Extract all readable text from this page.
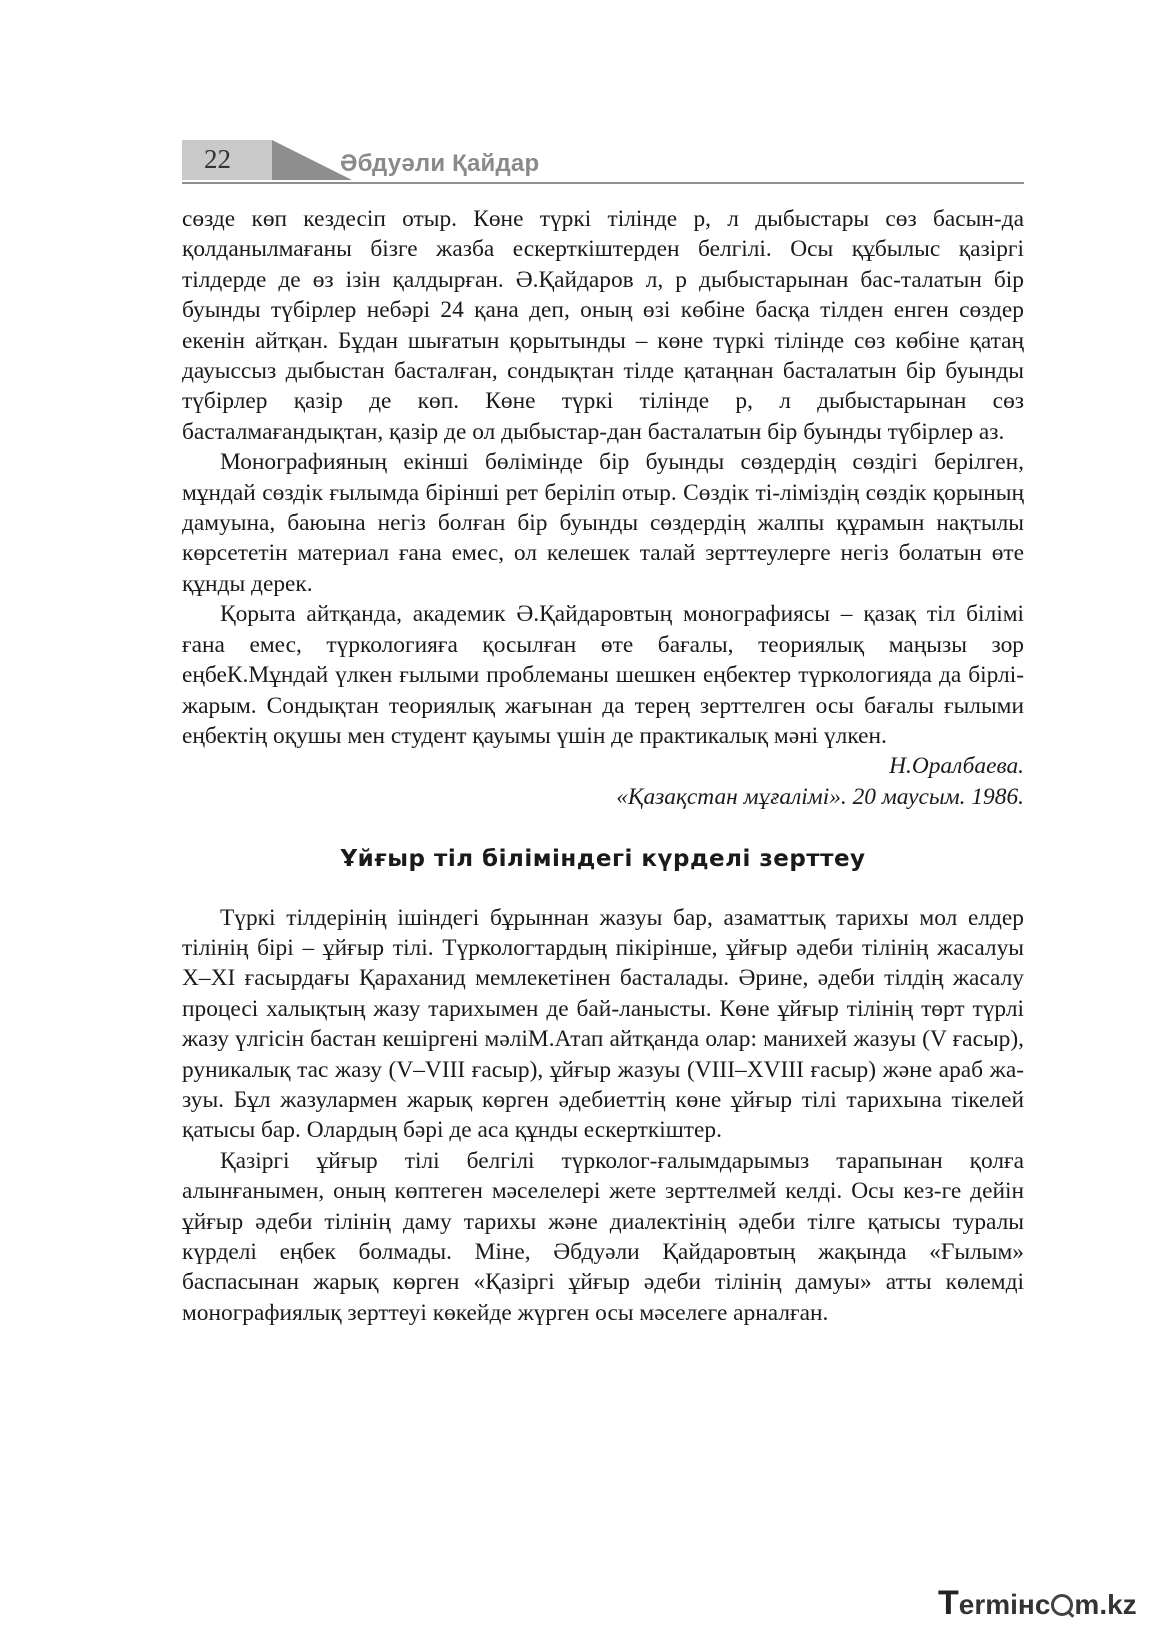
22	Әбдуәли Қайдар

сөзде көп кездесіп отыр. Көне түркі тілінде р, л дыбыстары сөз басын-да қолданылмағаны бізге жазба ескерткіштерден белгілі. Осы құбылыс қазіргі тілдерде де өз ізін қалдырған. Ә.Қайдаров л, р дыбыстарынан бас-талатын бір буынды түбірлер небәрі 24 қана деп, оның өзі көбіне басқа тілден енген сөздер екенін айтқан. Бұдан шығатын қорытынды – көне түркі тілінде сөз көбіне қатаң дауыссыз дыбыстан басталған, сондықтан тілде қатаңнан басталатын бір буынды түбірлер қазір де көп. Көне түркі тілінде р, л дыбыстарынан сөз басталмағандықтан, қазір де ол дыбыстар-дан басталатын бір буынды түбірлер аз.

Монографияның екінші бөлімінде бір буынды сөздердің сөздігі берілген, мұндай сөздік ғылымда бірінші рет беріліп отыр. Сөздік ті-ліміздің сөздік қорының дамуына, баюына негіз болған бір буынды сөздердің жалпы құрамын нақтылы көрсететін материал ғана емес, ол келешек талай зерттеулерге негіз болатын өте құнды дерек.

Қорыта айтқанда, академик Ә.Қайдаровтың монографиясы – қазақ тіл білімі ғана емес, түркологияға қосылған өте бағалы, теориялық маңызы зор еңбеК.Мұндай үлкен ғылыми проблеманы шешкен еңбектер түркологияда да бірлі-жарым. Сондықтан теориялық жағынан да терең зерттелген осы бағалы ғылыми еңбектің оқушы мен студент қауымы үшін де практикалық мәні үлкен.

Н.Оралбаева.

«Қазақстан мұғалімі». 20 маусым. 1986.

Ұйғыр тіл біліміндегі күрделі зерттеу

Түркі тілдерінің ішіндегі бұрыннан жазуы бар, азаматтық тарихы мол елдер тілінің бірі – ұйғыр тілі. Түркологтардың пікірінше, ұйғыр әдеби тілінің жасалуы X–XI ғасырдағы Қараханид мемлекетінен басталады. Әрине, әдеби тілдің жасалу процесі халықтың жазу тарихымен де бай-ланысты. Көне ұйғыр тілінің төрт түрлі жазу үлгісін бастан кешіргені мәліМ.Атап айтқанда олар: манихей жазуы (V ғасыр), руникалық тас жазу (V–VIII ғасыр), ұйғыр жазуы (VIII–XVIII ғасыр) және араб жа-зуы. Бұл жазулармен жарық көрген әдебиеттің көне ұйғыр тілі тарихына тікелей қатысы бар. Олардың бәрі де аса құнды ескерткіштер.

Қазіргі ұйғыр тілі белгілі түрколог-ғалымдарымыз тарапынан қолға алынғанымен, оның көптеген мәселелері жете зерттелмей келді. Осы кез-ге дейін ұйғыр әдеби тілінің даму тарихы және диалектінің әдеби тілге қатысы туралы күрделі еңбек болмады. Міне, Әбдуәли Қайдаровтың жақында «Ғылым» баспасынан жарық көрген «Қазіргі ұйғыр әдеби тілінің дамуы» атты көлемді монографиялық зерттеуі көкейде жүрген осы мәселеге арналған.

Termінc m.kz
